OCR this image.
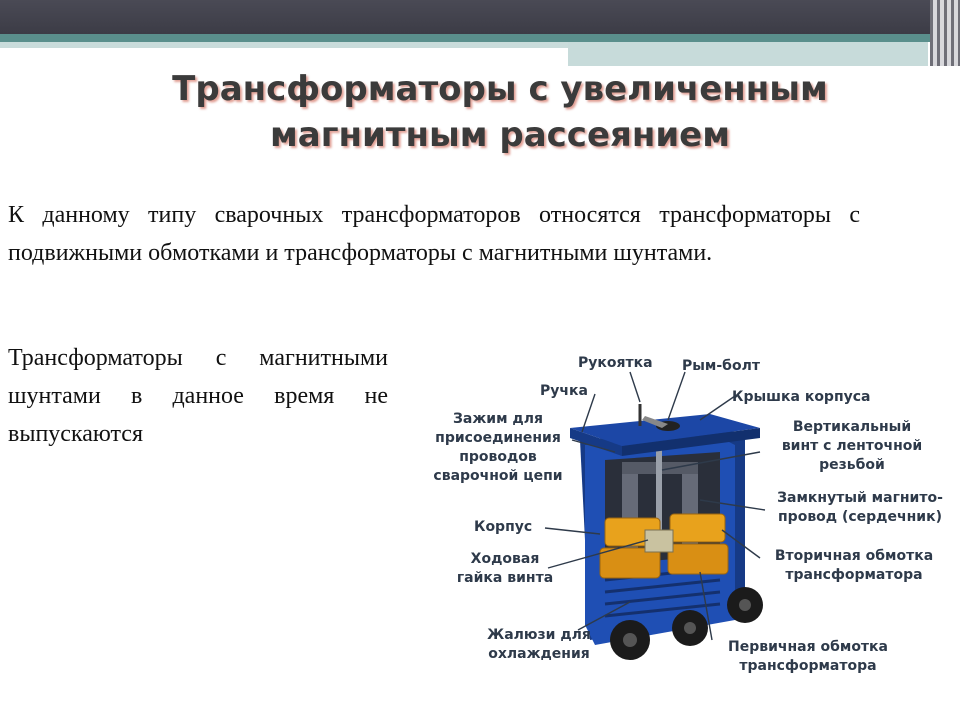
Трансформаторы с увеличенным магнитным рассеянием

К данному типу сварочных трансформаторов относятся трансформаторы с подвижными обмотками и трансформаторы с магнитными шунтами.

Трансформаторы с магнитными шунтами в данное время не выпускаются

Рукоятка Рым-болт
Ручка	Крышка корпуса
Зажим для
присоединения
проводов
сварочной цепи
Вертикальный
винт с ленточной
резьбой
Замкнутый магнито-
провод (сердечник)
Корпус
Ходовая
гайка винта
Вторичная обмотка
трансформатора
Жалюзи для
охлаждения	Первичная обмотка
трансформатора
